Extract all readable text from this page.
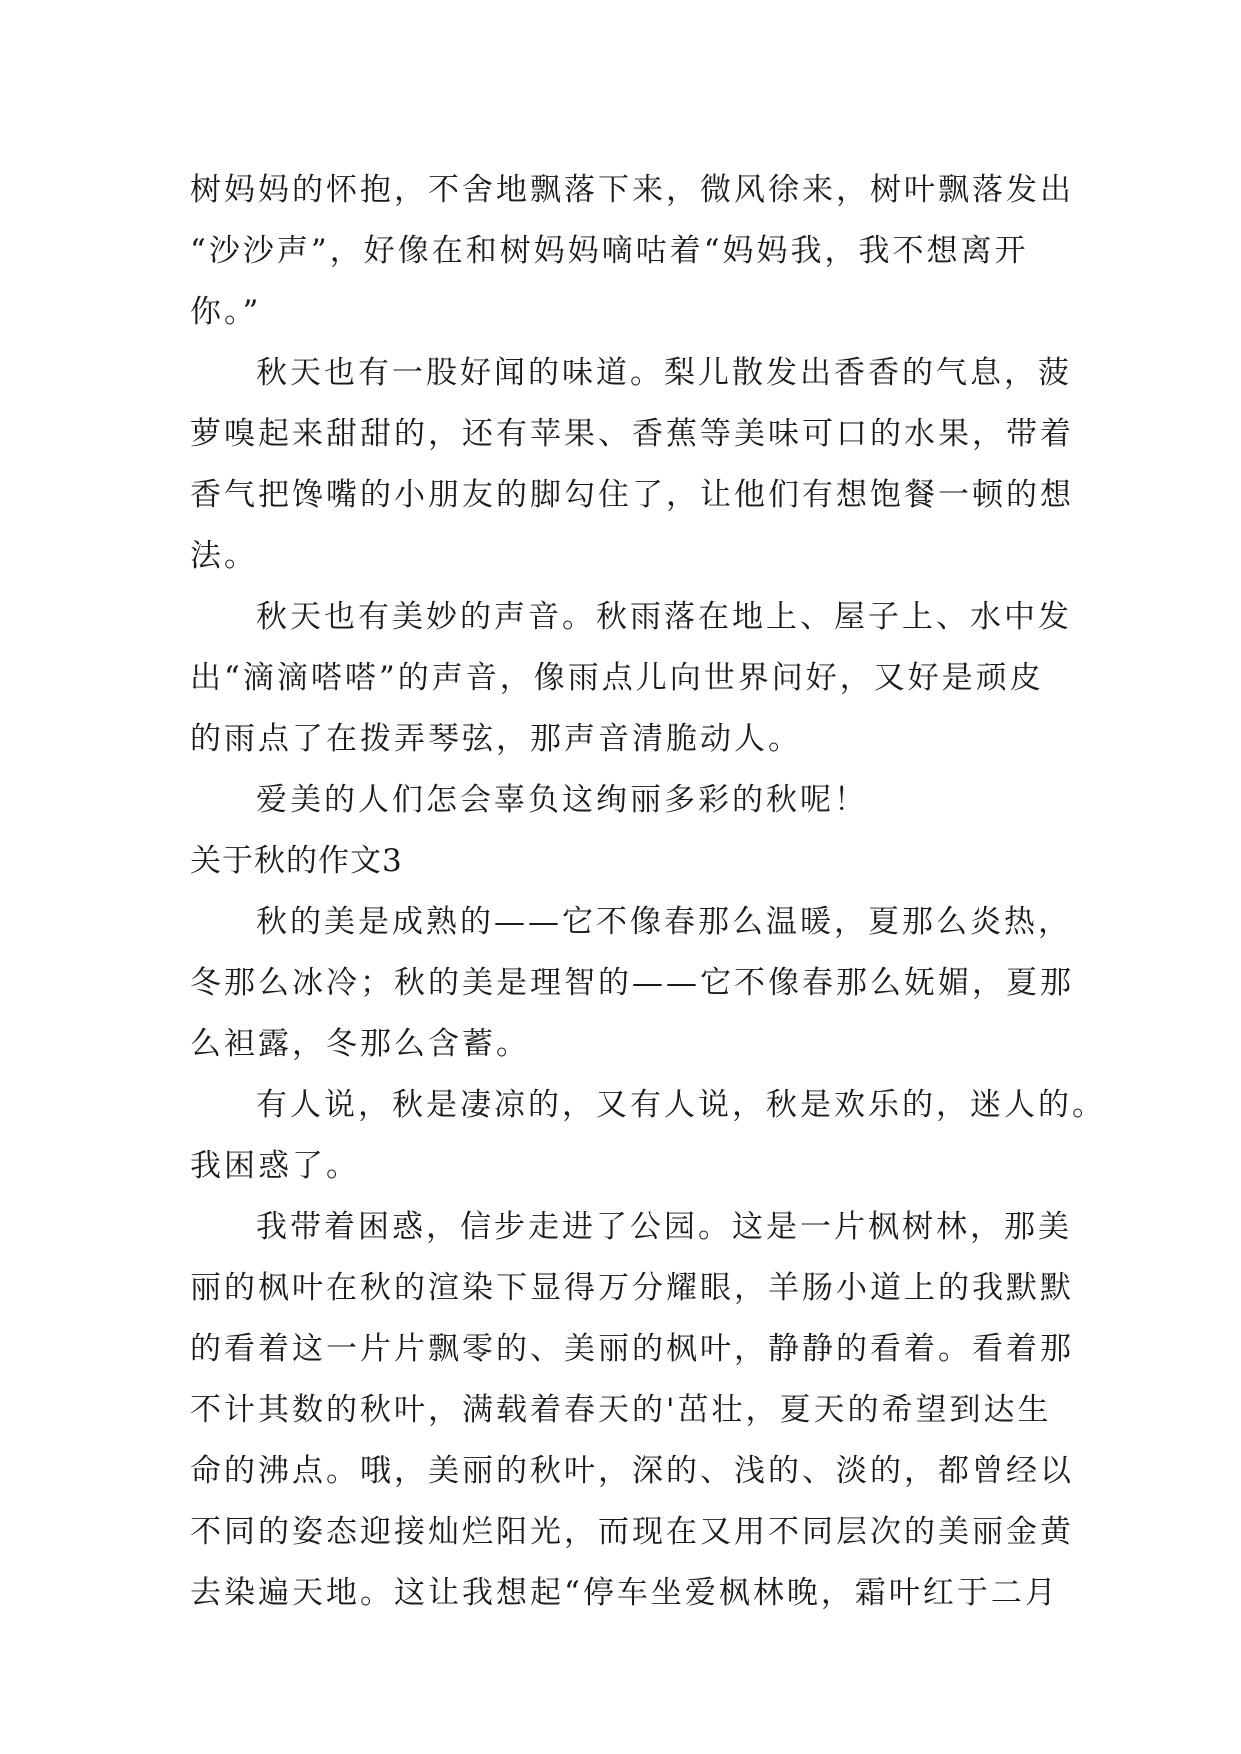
树妈妈的怀抱，不舍地飘落下来，微风徐来，树叶飘落发出
“沙沙声”，好像在和树妈妈嘀咕着“妈妈我，我不想离开
你。”
秋天也有一股好闻的味道。梨儿散发出香香的气息，菠
萝嗅起来甜甜的，还有苹果、香蕉等美味可口的水果，带着
香气把馋嘴的小朋友的脚勾住了，让他们有想饱餐一顿的想
法。
秋天也有美妙的声音。秋雨落在地上、屋子上、水中发
出“滴滴嗒嗒”的声音，像雨点儿向世界问好，又好是顽皮
的雨点了在拨弄琴弦，那声音清脆动人。
爱美的人们怎会辜负这绚丽多彩的秋呢！
关于秋的作文3
秋的美是成熟的——它不像春那么温暖，夏那么炎热，
冬那么冰冷；秋的美是理智的——它不像春那么妩媚，夏那
么袒露，冬那么含蓄。
有人说，秋是凄凉的，又有人说，秋是欢乐的，迷人的。
我困惑了。
我带着困惑，信步走进了公园。这是一片枫树林，那美
丽的枫叶在秋的渲染下显得万分耀眼，羊肠小道上的我默默
的看着这一片片飘零的、美丽的枫叶，静静的看着。看着那
不计其数的秋叶，满载着春天的'茁壮，夏天的希望到达生
命的沸点。哦，美丽的秋叶，深的、浅的、淡的，都曾经以
不同的姿态迎接灿烂阳光，而现在又用不同层次的美丽金黄
去染遍天地。这让我想起“停车坐爱枫林晚，霜叶红于二月
